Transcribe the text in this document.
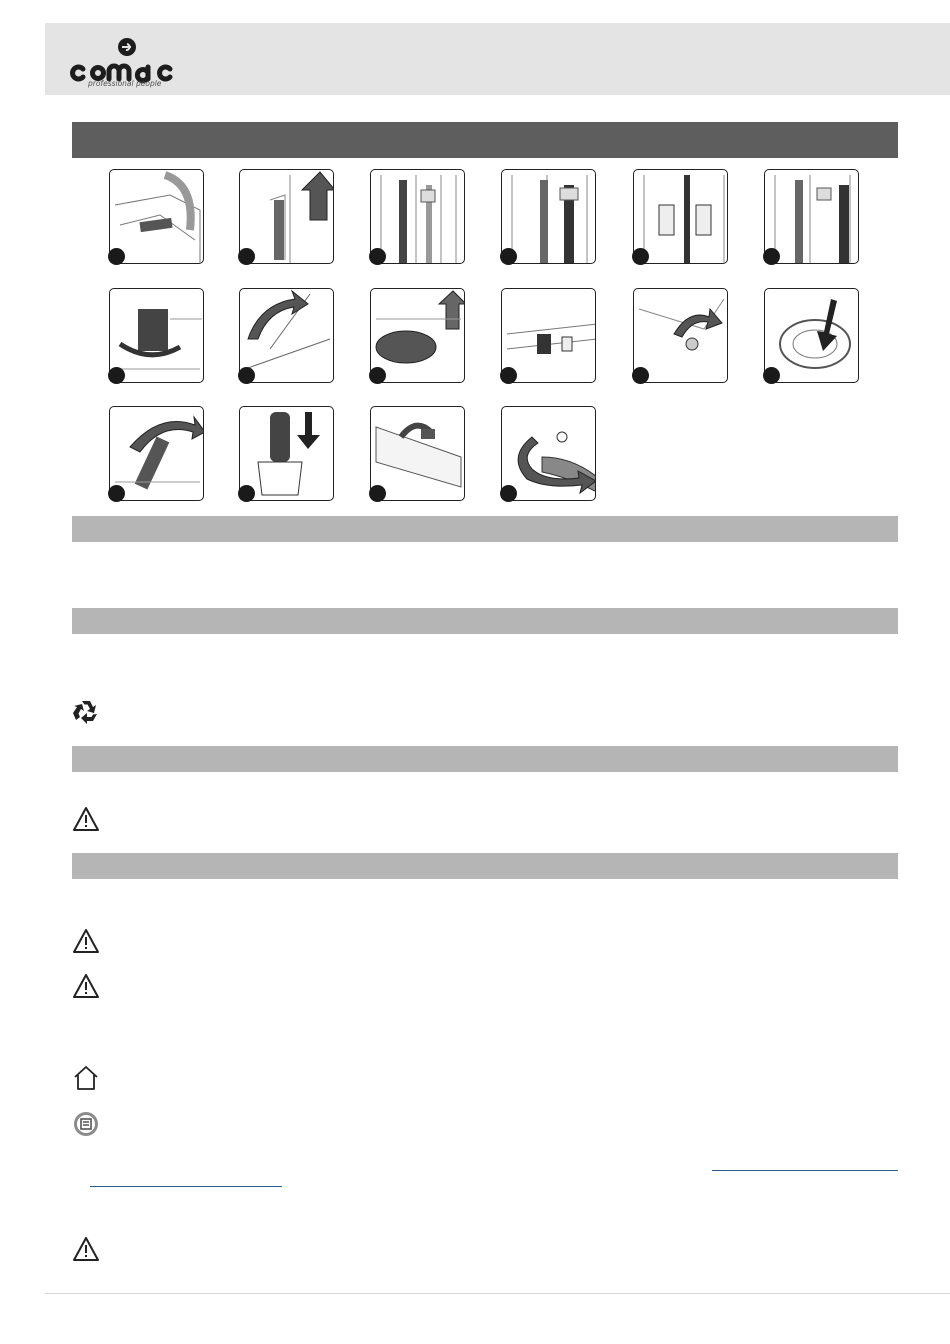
professional people
